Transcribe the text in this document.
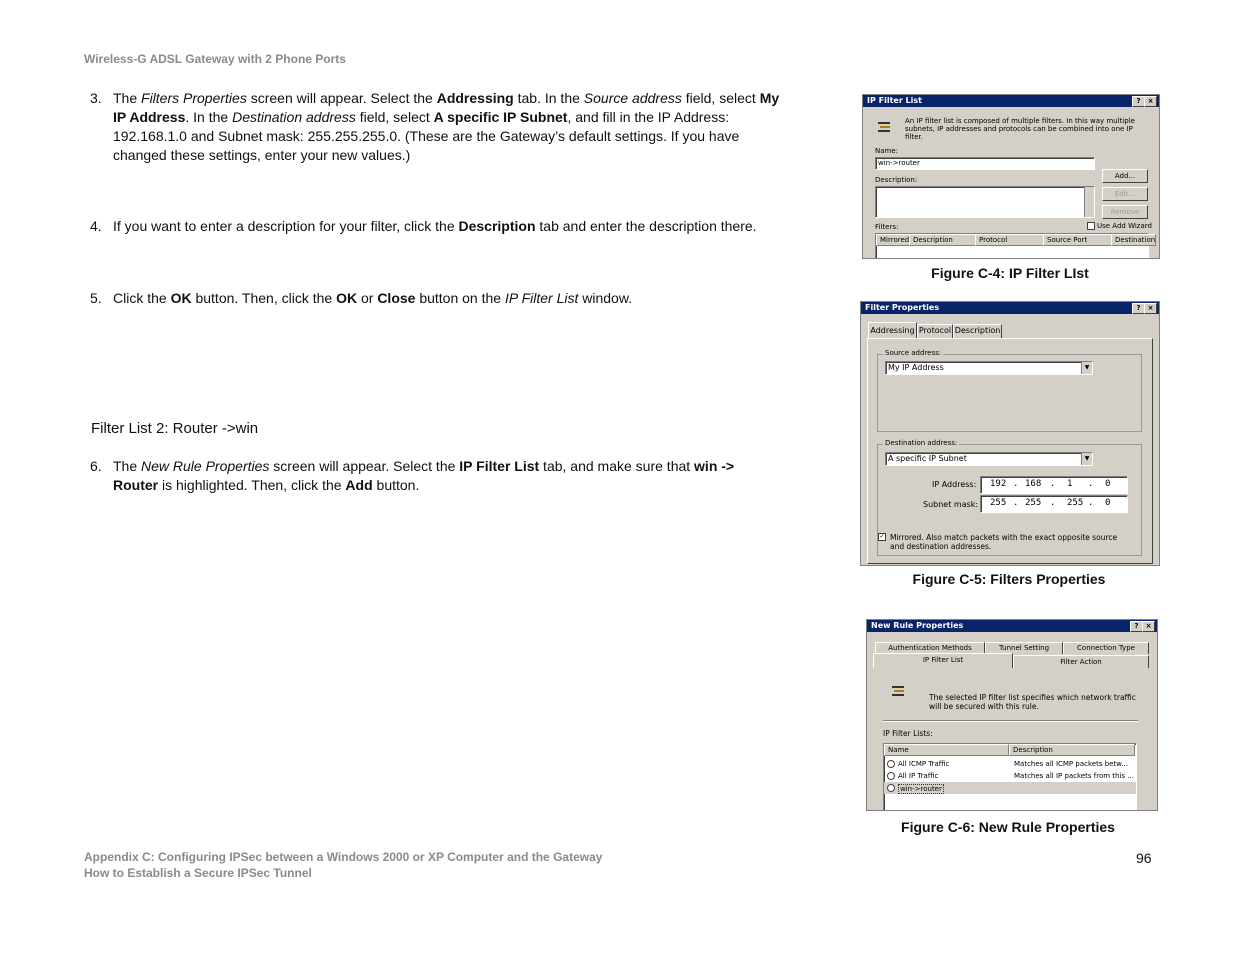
Wireless-G ADSL Gateway with 2 Phone Ports
3. The Filters Properties screen will appear. Select the Addressing tab. In the Source address field, select My IP Address. In the Destination address field, select A specific IP Subnet, and fill in the IP Address: 192.168.1.0 and Subnet mask: 255.255.255.0. (These are the Gateway’s default settings. If you have changed these settings, enter your new values.)
4. If you want to enter a description for your filter, click the Description tab and enter the description there.
5. Click the OK button. Then, click the OK or Close button on the IP Filter List window.
Filter List 2: Router ->win
6. The New Rule Properties screen will appear. Select the IP Filter List tab, and make sure that win -> Router is highlighted. Then, click the Add button.
IP Filter List	?	×
An IP filter list is composed of multiple filters. In this way multiple subnets, IP addresses and protocols can be combined into one IP filter.
Name:
win->router
Description:	Add...
Edit...
Remove
Filters:	Use Add Wizard
Mirrored Description	Protocol	Source Port	Destination
Figure C-4: IP Filter LIst
Filter Properties	?	×
Addressing Protocol Description
Source address:
My IP Address	▼
Destination address:
A specific IP Subnet	▼
IP Address: 192 . 168 . 1 . 0
Subnet mask: 255 . 255 . 255 . 0
✓ Mirrored. Also match packets with the exact opposite source and destination addresses.
Figure C-5: Filters Properties
New Rule Properties	?	×
Authentication Methods	Tunnel Setting	Connection Type
IP Filter List	Filter Action
The selected IP filter list specifies which network traffic will be secured with this rule.
IP Filter Lists:
Name	Description
All ICMP Traffic	Matches all ICMP packets betw...
All IP Traffic	Matches all IP packets from this ...
win->router
Figure C-6: New Rule Properties
Appendix C: Configuring IPSec between a Windows 2000 or XP Computer and the Gateway
How to Establish a Secure IPSec Tunnel
96
